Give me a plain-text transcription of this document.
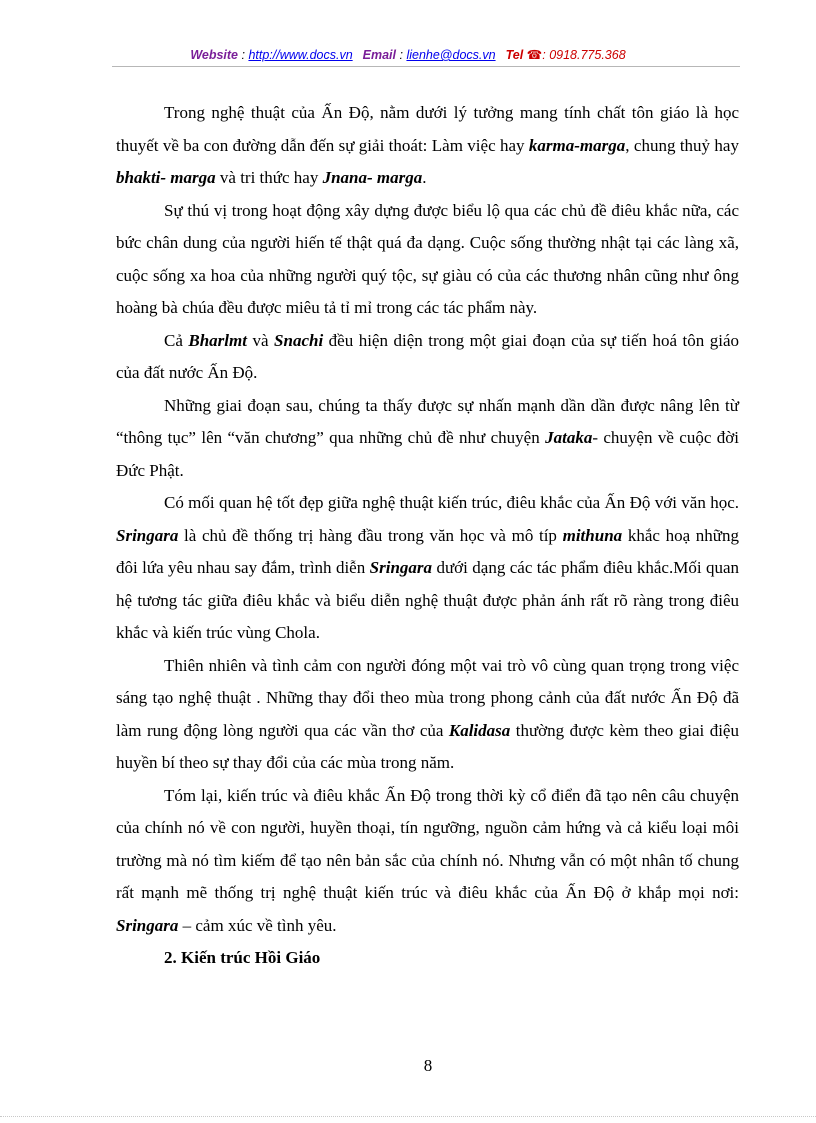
Website : http://www.docs.vn Email : lienhe@docs.vn Tel ☎: 0918.775.368

Trong nghệ thuật của Ấn Độ, nằm dưới lý tưởng mang tính chất tôn giáo là học thuyết về ba con đường dẫn đến sự giải thoát: Làm việc hay karma-marga, chung thuỷ hay bhakti- marga và tri thức hay Jnana- marga.

Sự thú vị trong hoạt động xây dựng được biểu lộ qua các chủ đề điêu khắc nữa, các bức chân dung của người hiến tế thật quá đa dạng. Cuộc sống thường nhật tại các làng xã, cuộc sống xa hoa của những người quý tộc, sự giàu có của các thương nhân cũng như ông hoàng bà chúa đều được miêu tả tỉ mỉ trong các tác phẩm này.

Cả Bharlmt và Snachi đều hiện diện trong một giai đoạn của sự tiến hoá tôn giáo của đất nước Ấn Độ.

Những giai đoạn sau, chúng ta thấy được sự nhấn mạnh dần dần được nâng lên từ “thông tục” lên “văn chương” qua những chủ đề như chuyện Jataka- chuyện về cuộc đời Đức Phật.

Có mối quan hệ tốt đẹp giữa nghệ thuật kiến trúc, điêu khắc của Ấn Độ với văn học. Sringara là chủ đề thống trị hàng đầu trong văn học và mô típ mithuna khắc hoạ những đôi lứa yêu nhau say đắm, trình diễn Sringara dưới dạng các tác phẩm điêu khắc.Mối quan hệ tương tác giữa điêu khắc và biểu diễn nghệ thuật được phản ánh rất rõ ràng trong điêu khắc và kiến trúc vùng Chola.

Thiên nhiên và tình cảm con người đóng một vai trò vô cùng quan trọng trong việc sáng tạo nghệ thuật . Những thay đổi theo mùa trong phong cảnh của đất nước Ấn Độ đã làm rung động lòng người qua các vần thơ của Kalidasa thường được kèm theo giai điệu huyền bí theo sự thay đổi của các mùa trong năm.

Tóm lại, kiến trúc và điêu khắc Ấn Độ trong thời kỳ cổ điển đã tạo nên câu chuyện của chính nó về con người, huyền thoại, tín ngưỡng, nguồn cảm hứng và cả kiểu loại môi trường mà nó tìm kiếm để tạo nên bản sắc của chính nó. Nhưng vẫn có một nhân tố chung rất mạnh mẽ thống trị nghệ thuật kiến trúc và điêu khắc của Ấn Độ ở khắp mọi nơi: Sringara – cảm xúc về tình yêu.

2. Kiến trúc Hồi Giáo

8
